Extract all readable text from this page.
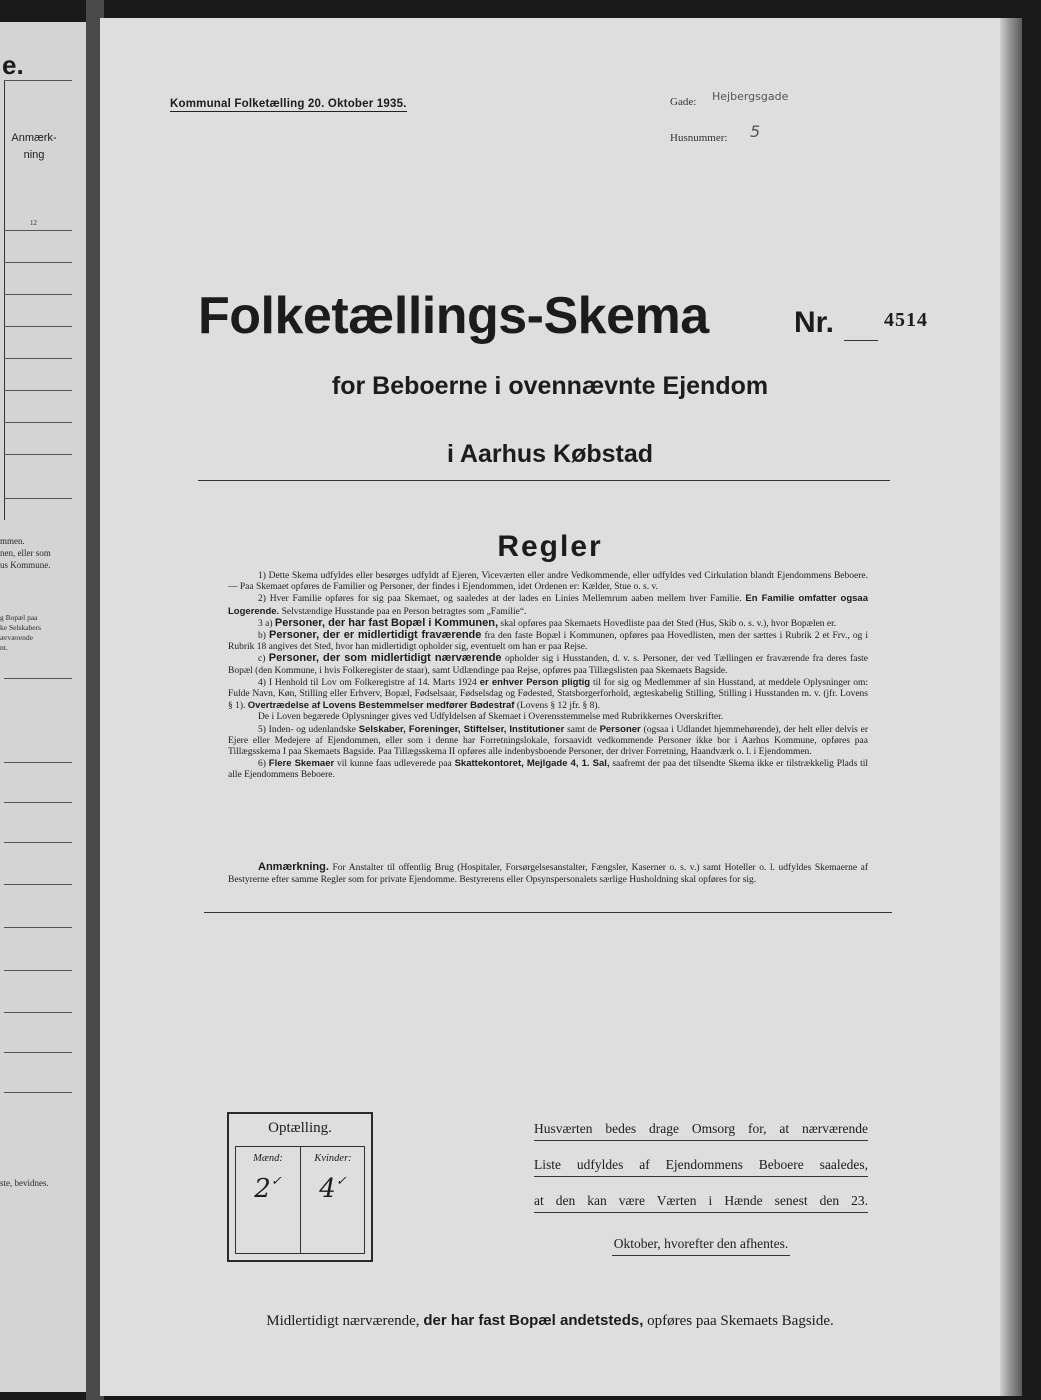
e.
Anmærk-
ning
12
mmen.
nen, eller som
us Kommune.
g Bopæl paa
ke Selskabers
ærværende
nt.
ste, bevidnes.
Kommunal Folketælling 20. Oktober 1935.	Gade: Hejbergsgade
Husnummer: 5
Folketællings-Skema	Nr. 4514
for Beboerne i ovennævnte Ejendom
i Aarhus Købstad
Regler

1) Dette Skema udfyldes eller besørges udfyldt af Ejeren, Viceværten eller andre Vedkommende, eller udfyldes ved Cirkulation blandt Ejendommens Beboere. — Paa Skemaet opføres de Familier og Personer, der findes i Ejendommen, idet Ordenen er: Kælder, Stue o. s. v.

2) Hver Familie opføres for sig paa Skemaet, og saaledes at der lades en Linies Mellemrum aaben mellem hver Familie. En Familie omfatter ogsaa Logerende. Selvstændige Husstande paa en Person betragtes som „Familie“.

3 a) Personer, der har fast Bopæl i Kommunen, skal opføres paa Skemaets Hovedliste paa det Sted (Hus, Skib o. s. v.), hvor Bopælen er.

b) Personer, der er midlertidigt fraværende fra den faste Bopæl i Kommunen, opføres paa Hovedlisten, men der sættes i Rubrik 2 et Frv., og i Rubrik 18 angives det Sted, hvor han midlertidigt opholder sig, eventuelt om han er paa Rejse.

c) Personer, der som midlertidigt nærværende opholder sig i Husstanden, d. v. s. Personer, der ved Tællingen er fraværende fra deres faste Bopæl (den Kommune, i hvis Folkeregister de staar), samt Udlændinge paa Rejse, opføres paa Tillægslisten paa Skemaets Bagside.

4) I Henhold til Lov om Folkeregistre af 14. Marts 1924 er enhver Person pligtig til for sig og Medlemmer af sin Husstand, at meddele Oplysninger om: Fulde Navn, Køn, Stilling eller Erhverv, Bopæl, Fødselsaar, Fødselsdag og Fødested, Statsborgerforhold, ægteskabelig Stilling, Stilling i Husstanden m. v. (jfr. Lovens § 1). Overtrædelse af Lovens Bestemmelser medfører Bødestraf (Lovens § 12 jfr. § 8).

De i Loven begærede Oplysninger gives ved Udfyldelsen af Skemaet i Overensstemmelse med Rubrikkernes Overskrifter.

5) Inden- og udenlandske Selskaber, Foreninger, Stiftelser, Institutioner samt de Personer (ogsaa i Udlandet hjemmehørende), der helt eller delvis er Ejere eller Medejere af Ejendommen, eller som i denne har Forretningslokale, forsaavidt vedkommende Personer ikke bor i Aarhus Kommune, opføres paa Tillægsskema I paa Skemaets Bagside. Paa Tillægsskema II opføres alle indenbysboende Personer, der driver Forretning, Haandværk o. l. i Ejendommen.

6) Flere Skemaer vil kunne faas udleverede paa Skattekontoret, Mejlgade 4, 1. Sal, saafremt der paa det tilsendte Skema ikke er tilstrækkelig Plads til alle Ejendommens Beboere.

Anmærkning. For Anstalter til offentlig Brug (Hospitaler, Forsørgelsesanstalter, Fængsler, Kaserner o. s. v.) samt Hoteller o. l. udfyldes Skemaerne af Bestyrerne efter samme Regler som for private Ejendomme. Bestyrerens eller Opsynspersonalets særlige Husholdning skal opføres for sig.

Optælling.
Mænd:
2✓
Kvinder:
4✓
Husværten bedes drage Omsorg for, at nærværende
Liste udfyldes af Ejendommens Beboere saaledes,
at den kan være Værten i Hænde senest den 23.
Oktober, hvorefter den afhentes.
Midlertidigt nærværende, der har fast Bopæl andetsteds, opføres paa Skemaets Bagside.
